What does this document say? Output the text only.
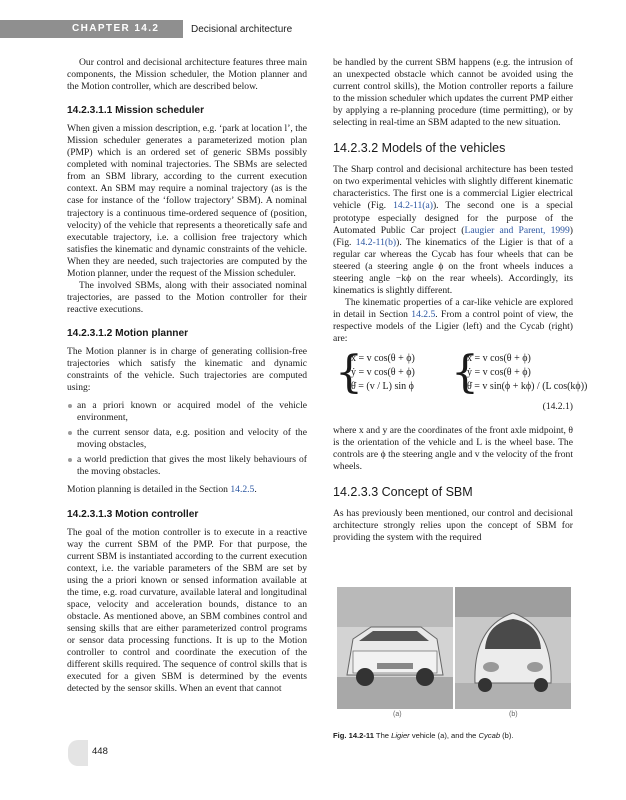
CHAPTER 14.2	Decisional architecture

Our control and decisional architecture features three main components, the Mission scheduler, the Motion planner and the Motion controller, which are described below.

14.2.3.1.1 Mission scheduler

When given a mission description, e.g. ‘park at location l’, the Mission scheduler generates a parameterized motion plan (PMP) which is an ordered set of generic SBMs possibly completed with nominal trajectories. The SBMs are selected from an SBM library, according to the current execution context. An SBM may require a nominal trajectory (as is the case for instance of the ‘follow trajectory’ SBM). A nominal trajectory is a continuous time-ordered sequence of (position, velocity) of the vehicle that represents a theoretically safe and executable trajectory, i.e. a collision free trajectory which satisfies the kinematic and dynamic constraints of the vehicle. When they are needed, such trajectories are computed by the Motion planner, under the request of the Mission scheduler.

The involved SBMs, along with their associated nominal trajectories, are passed to the Motion controller for their reactive executions.

14.2.3.1.2 Motion planner

The Motion planner is in charge of generating collision-free trajectories which satisfy the kinematic and dynamic constraints of the vehicle. Such trajectories are computed using:

an a priori known or acquired model of the vehicle environment,
the current sensor data, e.g. position and velocity of the moving obstacles,
a world prediction that gives the most likely behaviours of the moving obstacles.

Motion planning is detailed in the Section 14.2.5.

14.2.3.1.3 Motion controller

The goal of the motion controller is to execute in a reactive way the current SBM of the PMP. For that purpose, the current SBM is instantiated according to the current execution context, i.e. the variable parameters of the SBM are set by using the a priori known or sensed information available at the time, e.g. road curvature, available lateral and longitudinal space, velocity and acceleration bounds, distance to an obstacle. As mentioned above, an SBM combines control and sensing skills that are either parameterized control programs or sensor data processing functions. It is up to the Motion controller to control and coordinate the execution of the different skills required. The sequence of control skills that is executed for a given SBM is determined by the events detected by the sensor skills. When an event that cannot

be handled by the current SBM happens (e.g. the intrusion of an unexpected obstacle which cannot be avoided using the current control skills), the Motion controller reports a failure to the mission scheduler which updates the current PMP either by applying a re-planning procedure (time permitting), or by selecting in real-time an SBM adapted to the new situation.

14.2.3.2 Models of the vehicles

The Sharp control and decisional architecture has been tested on two experimental vehicles with slightly different kinematic characteristics. The first one is a commercial Ligier electrical vehicle (Fig. 14.2-11(a)). The second one is a special prototype especially designed for the purpose of the Automated Public Car project (Laugier and Parent, 1999) (Fig. 14.2-11(b)). The kinematics of the Ligier is that of a regular car whereas the Cycab has four wheels that can be steered (a steering angle ϕ on the front wheels induces a steering angle −kϕ on the rear wheels). Accordingly, its kinematics is slightly different.

The kinematic properties of a car-like vehicle are explored in detail in Section 14.2.5. From a control point of view, the respective models of the Ligier (left) and the Cycab (right) are:

{
ẋ = v cos(θ + ϕ)
ẏ = v cos(θ + ϕ)
θ̇ = (v / L) sin ϕ {
ẋ = v cos(θ + ϕ)
ẏ = v cos(θ + ϕ)
θ̇ = v sin(ϕ + kϕ) / (L cos(kϕ))
(14.2.1)

where x and y are the coordinates of the front axle midpoint, θ is the orientation of the vehicle and L is the wheel base. The controls are ϕ the steering angle and v the velocity of the front wheels.

14.2.3.3 Concept of SBM

As has previously been mentioned, our control and decisional architecture strongly relies upon the concept of SBM for providing the system with the required

(a)	(b)
Fig. 14.2-11 The Ligier vehicle (a), and the Cycab (b).
448
